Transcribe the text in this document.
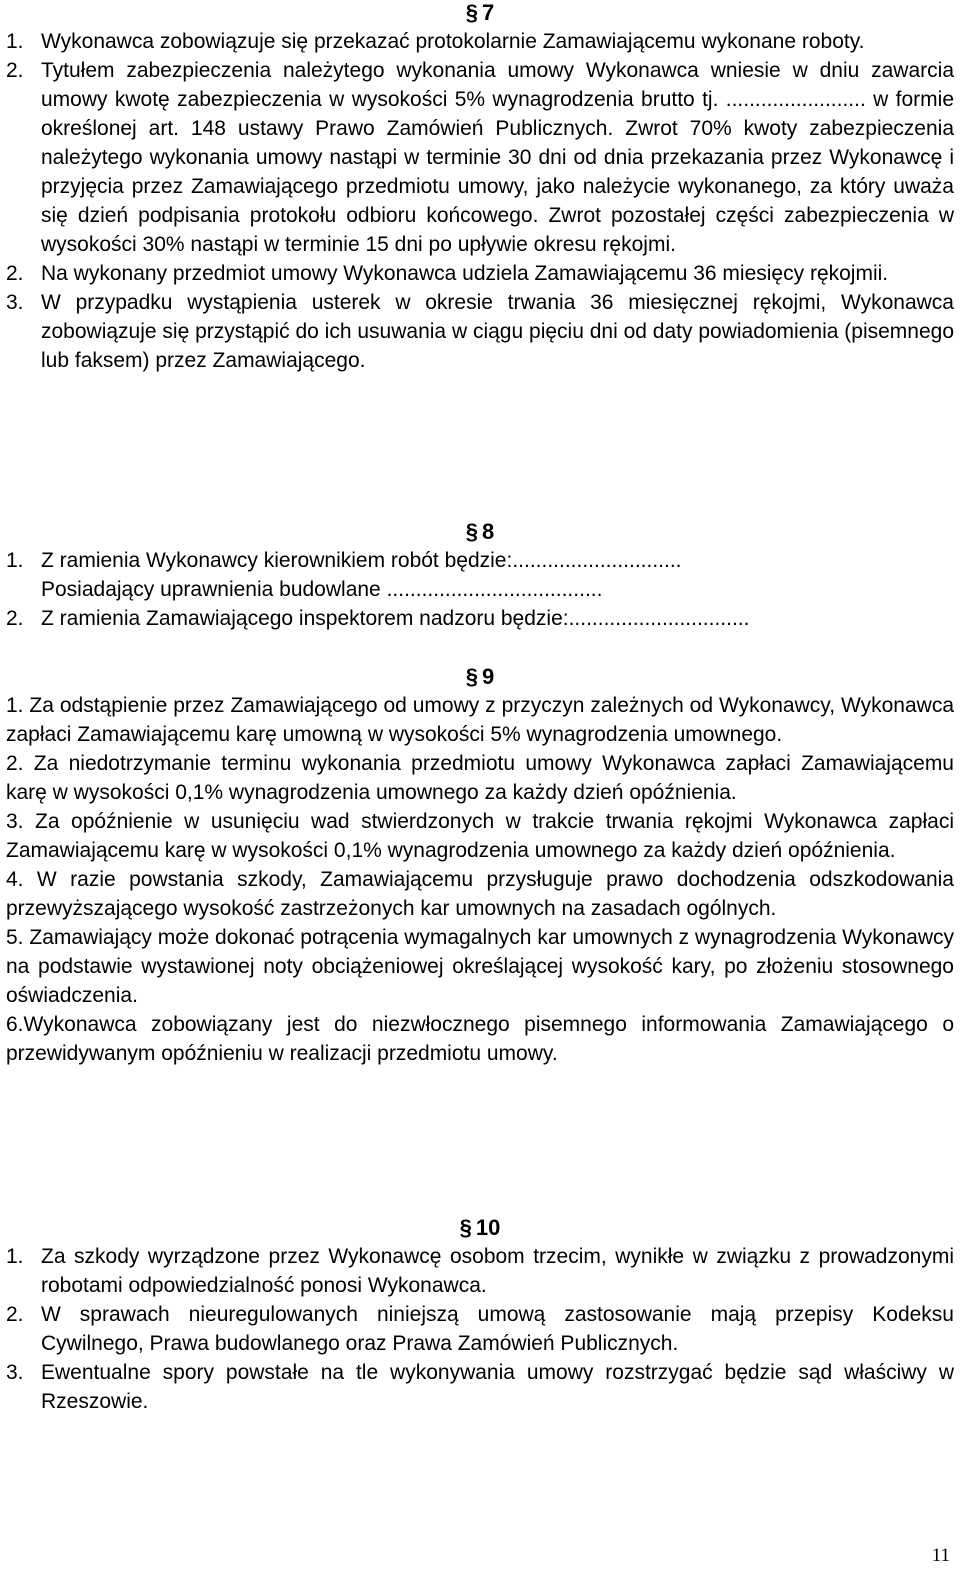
§ 7

1. Wykonawca zobowiązuje się przekazać protokolarnie Zamawiającemu wykonane roboty.

2. Tytułem zabezpieczenia należytego wykonania umowy Wykonawca wniesie w dniu zawarcia umowy kwotę zabezpieczenia w wysokości 5% wynagrodzenia brutto tj. ........................ w formie określonej art. 148 ustawy Prawo Zamówień Publicznych. Zwrot 70% kwoty zabezpieczenia należytego wykonania umowy nastąpi w terminie 30 dni od dnia przekazania przez Wykonawcę i przyjęcia przez Zamawiającego przedmiotu umowy, jako należycie wykonanego, za który uważa się dzień podpisania protokołu odbioru końcowego. Zwrot pozostałej części zabezpieczenia w wysokości 30% nastąpi w terminie 15 dni po upływie okresu rękojmi.

2. Na wykonany przedmiot umowy Wykonawca udziela Zamawiającemu 36 miesięcy rękojmii.

3. W przypadku wystąpienia usterek w okresie trwania 36 miesięcznej rękojmi, Wykonawca zobowiązuje się przystąpić do ich usuwania w ciągu pięciu dni od daty powiadomienia (pisemnego lub faksem) przez Zamawiającego.

§ 8

1. Z ramienia Wykonawcy kierownikiem robót będzie:.............................
Posiadający uprawnienia budowlane .....................................

2. Z ramienia Zamawiającego inspektorem nadzoru będzie:...............................

§ 9

1. Za odstąpienie przez Zamawiającego od umowy z przyczyn zależnych od Wykonawcy, Wykonawca zapłaci Zamawiającemu karę umowną w wysokości 5% wynagrodzenia umownego.

2. Za niedotrzymanie terminu wykonania przedmiotu umowy Wykonawca zapłaci Zamawiającemu karę w wysokości 0,1% wynagrodzenia umownego za każdy dzień opóźnienia.

3. Za opóźnienie w usunięciu wad stwierdzonych w trakcie trwania rękojmi Wykonawca zapłaci Zamawiającemu karę w wysokości 0,1% wynagrodzenia umownego za każdy dzień opóźnienia.

4. W razie powstania szkody, Zamawiającemu przysługuje prawo dochodzenia odszkodowania przewyższającego wysokość zastrzeżonych kar umownych na zasadach ogólnych.

5. Zamawiający może dokonać potrącenia wymagalnych kar umownych z wynagrodzenia Wykonawcy na podstawie wystawionej noty obciążeniowej określającej wysokość kary, po złożeniu stosownego oświadczenia.

6.Wykonawca zobowiązany jest do niezwłocznego pisemnego informowania Zamawiającego o przewidywanym opóźnieniu w realizacji przedmiotu umowy.

§ 10

1. Za szkody wyrządzone przez Wykonawcę osobom trzecim, wynikłe w związku z prowadzonymi robotami odpowiedzialność ponosi Wykonawca.

2. W sprawach nieuregulowanych niniejszą umową zastosowanie mają przepisy Kodeksu Cywilnego, Prawa budowlanego oraz Prawa Zamówień Publicznych.

3. Ewentualne spory powstałe na tle wykonywania umowy rozstrzygać będzie sąd właściwy w Rzeszowie.

11
